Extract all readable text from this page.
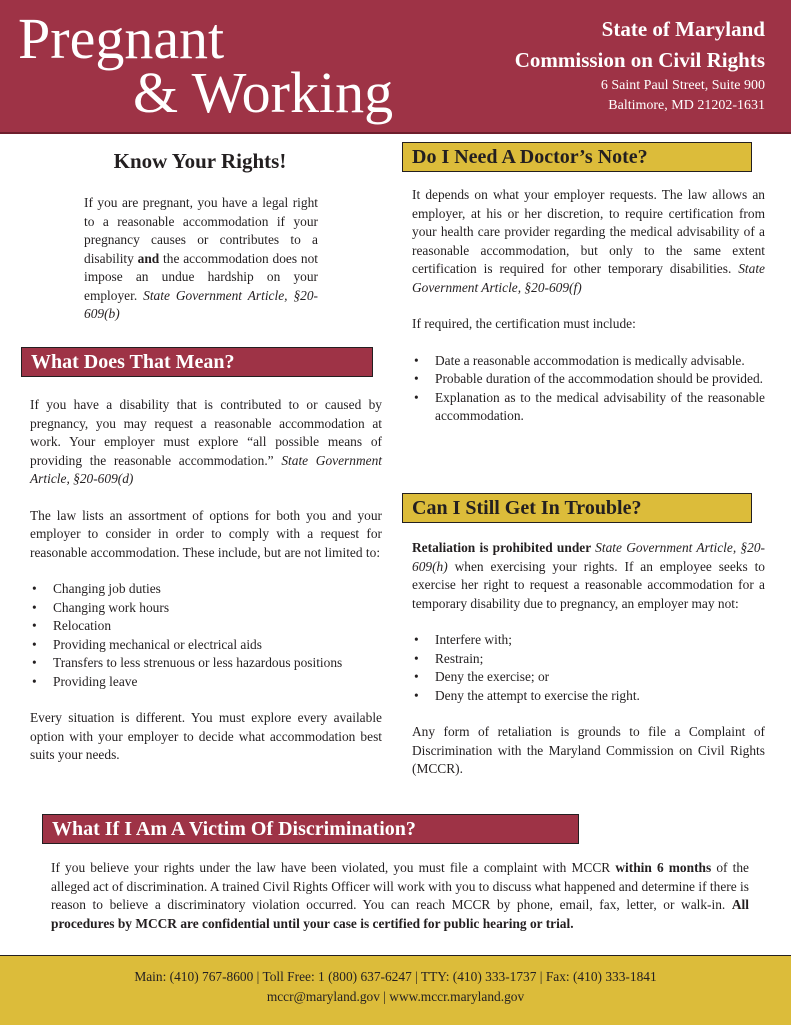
Pregnant
& Working
State of Maryland
Commission on Civil Rights
6 Saint Paul Street, Suite 900
Baltimore, MD 21202-1631
Know Your Rights!

If you are pregnant, you have a legal right to a reasonable accommodation if your pregnancy causes or contributes to a disability and the accommodation does not impose an undue hardship on your employer. State Government Article, §20-609(b)

What Does That Mean?

If you have a disability that is contributed to or caused by pregnancy, you may request a reasonable accommodation at work. Your employer must explore “all possible means of providing the reasonable accommodation.” State Government Article, §20-609(d)

The law lists an assortment of options for both you and your employer to consider in order to comply with a request for reasonable accommodation. These include, but are not limited to:

• Changing job duties
• Changing work hours
• Relocation
• Providing mechanical or electrical aids
• Transfers to less strenuous or less hazardous positions
• Providing leave

Every situation is different. You must explore every available option with your employer to decide what accommodation best suits your needs.

Do I Need A Doctor’s Note?

It depends on what your employer requests. The law allows an employer, at his or her discretion, to require certification from your health care provider regarding the medical advisability of a reasonable accommodation, but only to the same extent certification is required for other temporary disabilities. State Government Article, §20-609(f)

If required, the certification must include:

• Date a reasonable accommodation is medically advisable.
• Probable duration of the accommodation should be provided.
• Explanation as to the medical advisability of the reasonable accommodation.
Can I Still Get In Trouble?

Retaliation is prohibited under State Government Article, §20-609(h) when exercising your rights. If an employee seeks to exercise her right to request a reasonable accommodation for a temporary disability due to pregnancy, an employer may not:

• Interfere with;
• Restrain;
• Deny the exercise; or
• Deny the attempt to exercise the right.

Any form of retaliation is grounds to file a Complaint of Discrimination with the Maryland Commission on Civil Rights (MCCR).

What If I Am A Victim Of Discrimination?

If you believe your rights under the law have been violated, you must file a complaint with MCCR within 6 months of the alleged act of discrimination. A trained Civil Rights Officer will work with you to discuss what happened and determine if there is reason to believe a discriminatory violation occurred. You can reach MCCR by phone, email, fax, letter, or walk-in. All procedures by MCCR are confidential until your case is certified for public hearing or trial.

Main: (410) 767-8600 | Toll Free: 1 (800) 637-6247 | TTY: (410) 333-1737 | Fax: (410) 333-1841
mccr@maryland.gov | www.mccr.maryland.gov
